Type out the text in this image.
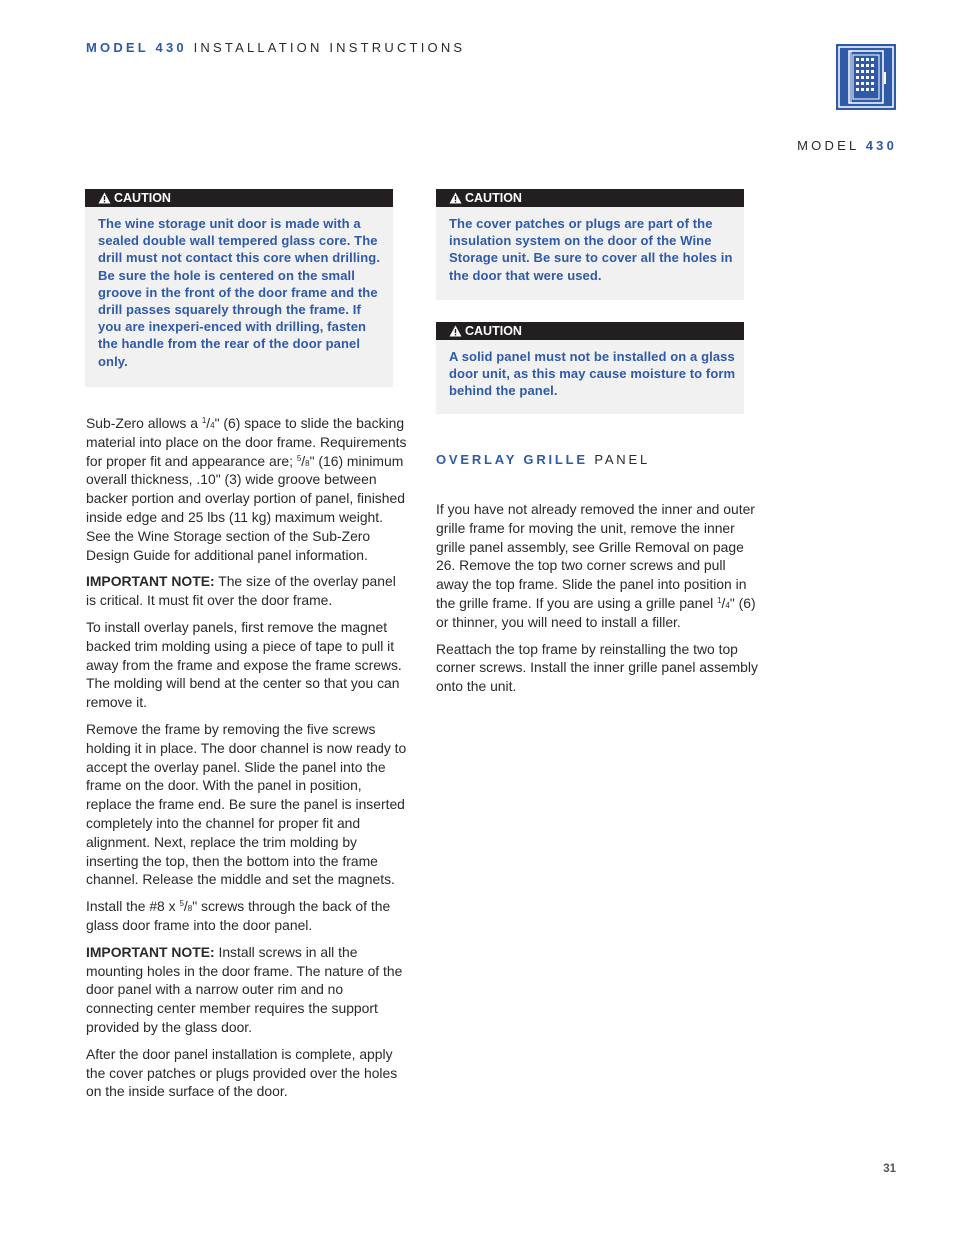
MODEL 430 INSTALLATION INSTRUCTIONS
MODEL 430
CAUTION
The wine storage unit door is made with a sealed double wall tempered glass core. The drill must not contact this core when drilling. Be sure the hole is centered on the small groove in the front of the door frame and the drill passes squarely through the frame. If you are inexperi-enced with drilling, fasten the handle from the rear of the door panel only.
CAUTION
The cover patches or plugs are part of the insulation system on the door of the Wine Storage unit. Be sure to cover all the holes in the door that were used.
CAUTION
A solid panel must not be installed on a glass door unit, as this may cause moisture to form behind the panel.

Sub-Zero allows a $^1$/4" (6) space to slide the backing material into place on the door frame. Requirements for proper fit and appearance are; $^5$/8" (16) minimum overall thickness, .10" (3) wide groove between backer portion and overlay portion of panel, finished inside edge and 25 lbs (11 kg) maximum weight. See the Wine Storage section of the Sub-Zero Design Guide for additional panel information.

IMPORTANT NOTE: The size of the overlay panel is critical. It must fit over the door frame.

To install overlay panels, first remove the magnet backed trim molding using a piece of tape to pull it away from the frame and expose the frame screws. The molding will bend at the center so that you can remove it.

Remove the frame by removing the five screws holding it in place. The door channel is now ready to accept the overlay panel. Slide the panel into the frame on the door. With the panel in position, replace the frame end. Be sure the panel is inserted completely into the channel for proper fit and alignment. Next, replace the trim molding by inserting the top, then the bottom into the frame channel. Release the middle and set the magnets.

Install the #8 x $^5$/8" screws through the back of the glass door frame into the door panel.

IMPORTANT NOTE: Install screws in all the mounting holes in the door frame. The nature of the door panel with a narrow outer rim and no connecting center member requires the support provided by the glass door.

After the door panel installation is complete, apply the cover patches or plugs provided over the holes on the inside surface of the door.

OVERLAY GRILLE PANEL

If you have not already removed the inner and outer grille frame for moving the unit, remove the inner grille panel assembly, see Grille Removal on page 26. Remove the top two corner screws and pull away the top frame. Slide the panel into position in the grille frame. If you are using a grille panel $^1$/4" (6) or thinner, you will need to install a filler.

Reattach the top frame by reinstalling the two top corner screws. Install the inner grille panel assembly onto the unit.

31
